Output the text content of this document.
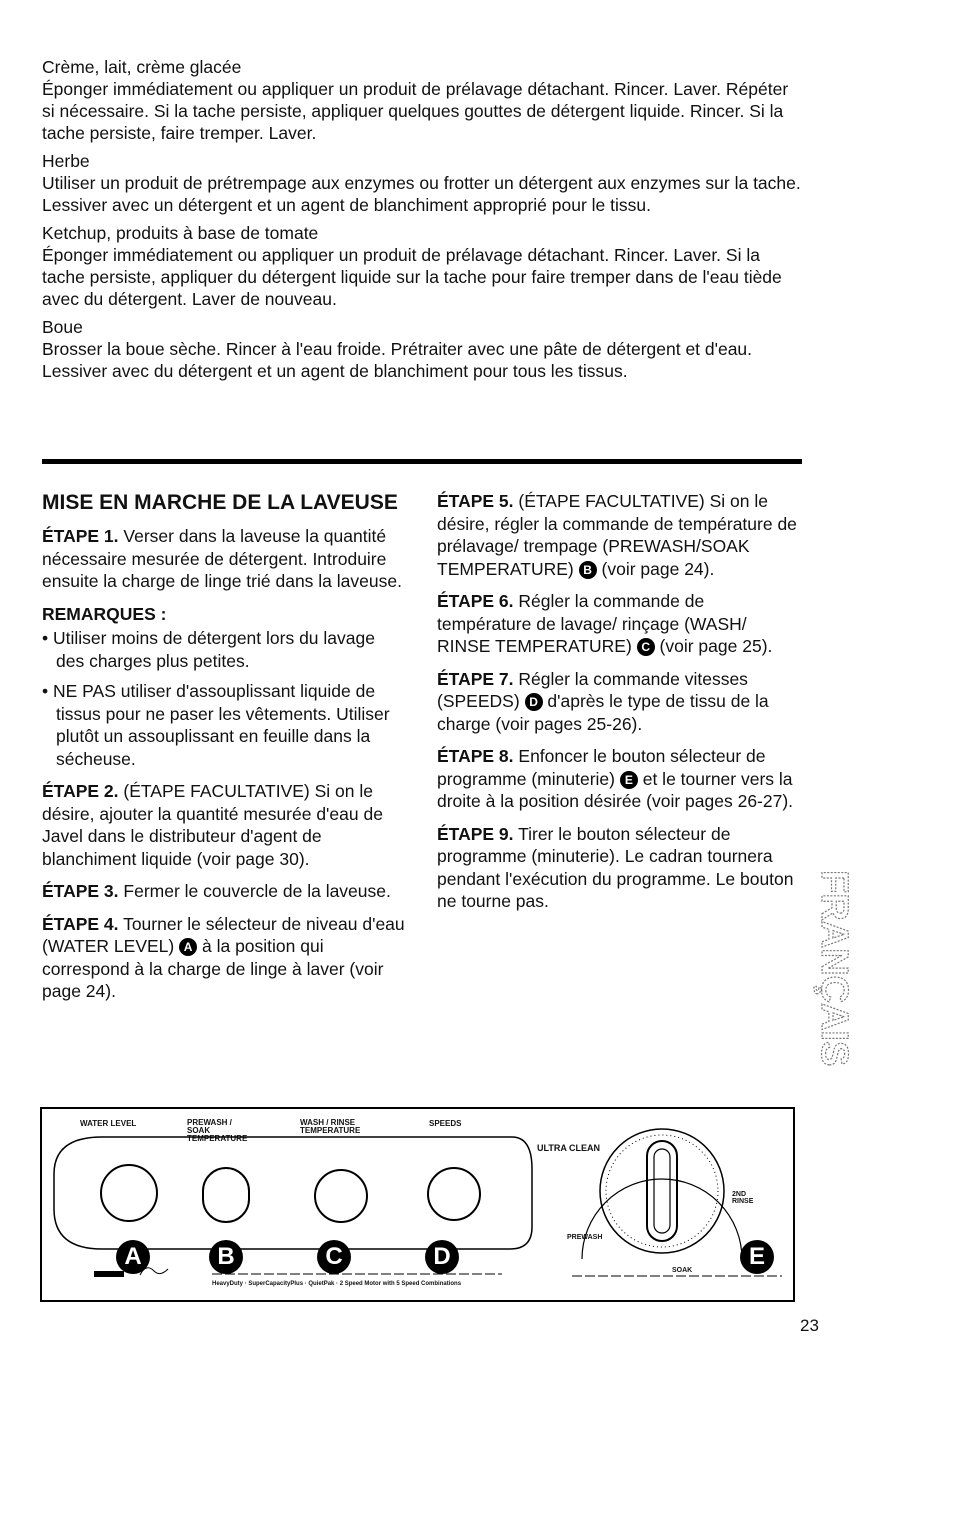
Crème, lait, crème glacée

Éponger immédiatement ou appliquer un produit de prélavage détachant. Rincer. Laver. Répéter si nécessaire. Si la tache persiste, appliquer quelques gouttes de détergent liquide. Rincer. Si la tache persiste, faire tremper. Laver.

Herbe

Utiliser un produit de prétrempage aux enzymes ou frotter un détergent aux enzymes sur la tache. Lessiver avec un détergent et un agent de blanchiment approprié pour le tissu.

Ketchup, produits à base de tomate

Éponger immédiatement ou appliquer un produit de prélavage détachant. Rincer. Laver. Si la tache persiste, appliquer du détergent liquide sur la tache pour faire tremper dans de l'eau tiède avec du détergent. Laver de nouveau.

Boue

Brosser la boue sèche. Rincer à l'eau froide. Prétraiter avec une pâte de détergent et d'eau. Lessiver avec du détergent et un agent de blanchiment pour tous les tissus.

MISE EN MARCHE DE LA LAVEUSE

ÉTAPE 1. Verser dans la laveuse la quantité nécessaire mesurée de détergent. Introduire ensuite la charge de linge trié dans la laveuse.

REMARQUES :
• Utiliser moins de détergent lors du lavage des charges plus petites.
• NE PAS utiliser d'assouplissant liquide de tissus pour ne paser les vêtements. Utiliser plutôt un assouplissant en feuille dans la sécheuse.

ÉTAPE 2. (ÉTAPE FACULTATIVE) Si on le désire, ajouter la quantité mesurée d'eau de Javel dans le distributeur d'agent de blanchiment liquide (voir page 30).

ÉTAPE 3. Fermer le couvercle de la laveuse.

ÉTAPE 4. Tourner le sélecteur de niveau d'eau (WATER LEVEL) A à la position qui correspond à la charge de linge à laver (voir page 24).

ÉTAPE 5. (ÉTAPE FACULTATIVE) Si on le désire, régler la commande de température de prélavage/ trempage (PREWASH/SOAK TEMPERATURE) B (voir page 24).

ÉTAPE 6. Régler la commande de température de lavage/ rinçage (WASH/ RINSE TEMPERATURE) C (voir page 25).

ÉTAPE 7. Régler la commande vitesses (SPEEDS) D d'après le type de tissu de la charge (voir pages 25-26).

ÉTAPE 8. Enfoncer le bouton sélecteur de programme (minuterie) E et le tourner vers la droite à la position désirée (voir pages 26-27).

ÉTAPE 9. Tirer le bouton sélecteur de programme (minuterie). Le cadran tournera pendant l'exécution du programme. Le bouton ne tourne pas.	FRANÇAIS
WATER LEVEL	PREWASH / SOAK TEMPERATURE
WASH / RINSE TEMPERATURE
SPEEDS
ULTRA CLEAN
PREWASH
SOAK
2ND RINSE
HeavyDuty · SuperCapacityPlus · QuietPak · 2 Speed Motor with 5 Speed Combinations
A	B	C	D	E
23
